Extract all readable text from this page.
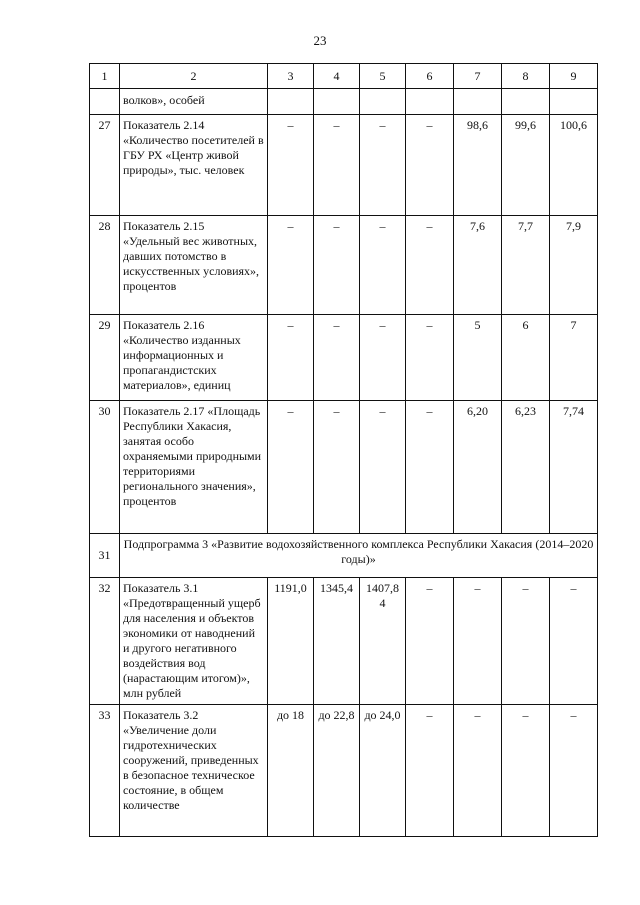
23
1	2	3	4	5	6	7	8	9
	волков», особей							
27	Показатель 2.14 «Количество посетителей в ГБУ РХ «Центр живой природы», тыс. человек	–	–	–	–	98,6	99,6	100,6
28	Показатель 2.15 «Удельный вес животных, давших потомство в искусственных условиях», процентов	–	–	–	–	7,6	7,7	7,9
29	Показатель 2.16 «Количество изданных информационных и пропагандистских материалов», единиц	–	–	–	–	5	6	7
30	Показатель 2.17 «Площадь Республики Хакасия, занятая особо охраняемыми природными территориями регионального значения», процентов	–	–	–	–	6,20	6,23	7,74
31	Подпрограмма 3 «Развитие водохозяйственного комплекса Республики Хакасия (2014–2020 годы)»							
32	Показатель 3.1 «Предотвращенный ущерб для населения и объектов экономики от наводнений и другого негативного воздействия вод (нарастающим итогом)», млн рублей	1191,0	1345,4	1407,8 4	–	–	–	–
33	Показатель 3.2 «Увеличение доли гидротехнических сооружений, приведенных в безопасное техническое состояние, в общем количестве	до 18	до 22,8	до 24,0	–	–	–	–
